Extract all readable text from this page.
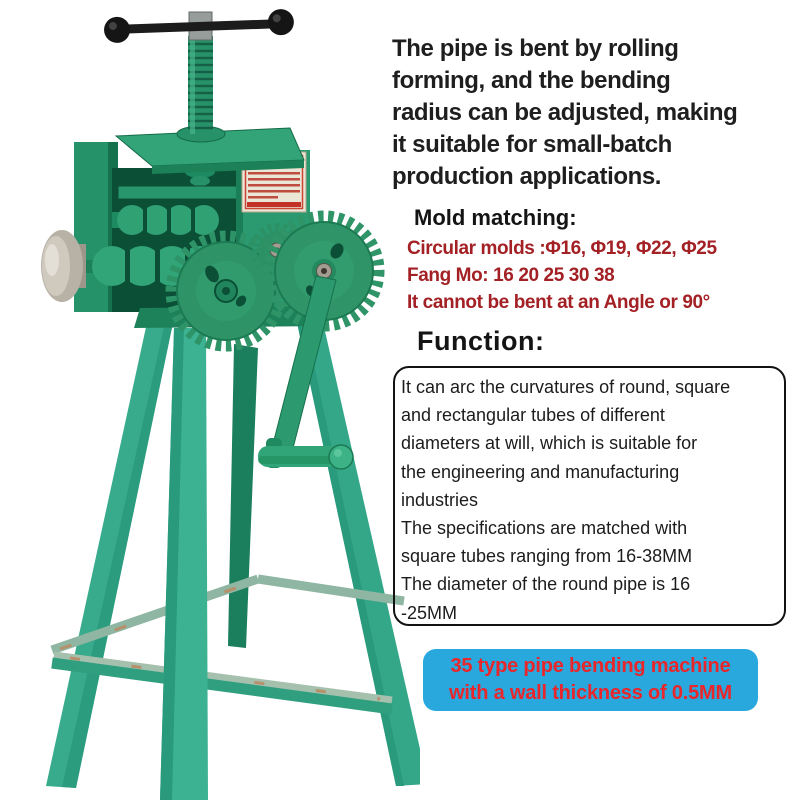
The pipe is bent by rolling
forming, and the bending
radius can be adjusted, making
it suitable for small-batch
production applications.
Mold matching:
Circular molds :Φ16, Φ19, Φ22, Φ25
Fang Mo: 16 20 25 30 38
It cannot be bent at an Angle or 90°
Function:
It can arc the curvatures of round, square
and rectangular tubes of different
diameters at will, which is suitable for
the engineering and manufacturing
industries
The specifications are matched with
square tubes ranging from 16-38MM
The diameter of the round pipe is 16
-25MM
35 type pipe bending machine
with a wall thickness of 0.5MM
